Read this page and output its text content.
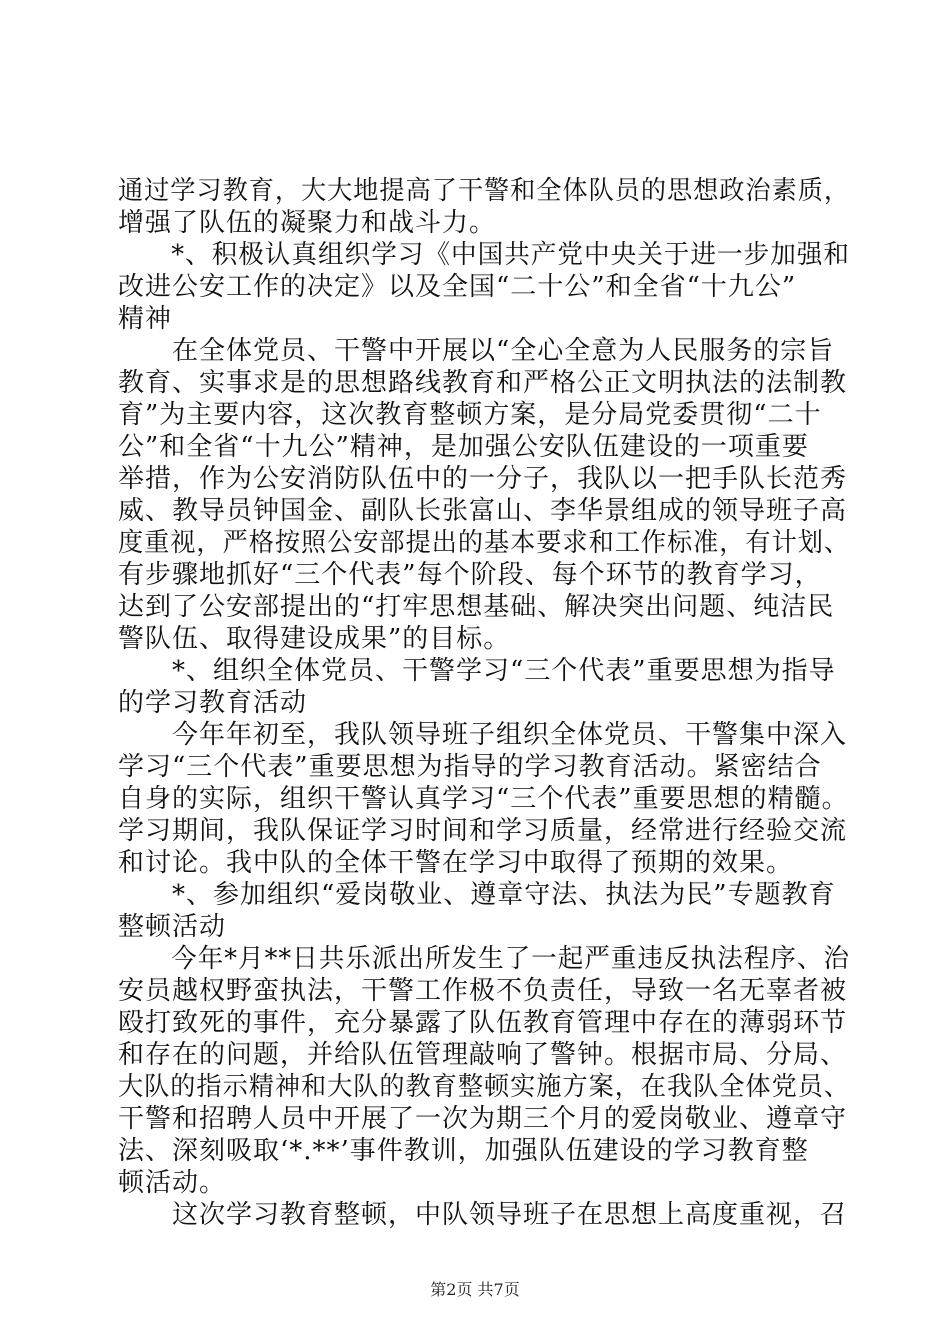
通过学习教育，大大地提高了干警和全体队员的思想政治素质，
增强了队伍的凝聚力和战斗力。
　　*、积极认真组织学习《中国共产党中央关于进一步加强和
改进公安工作的决定》以及全国“二十公”和全省“十九公”
精神
　　在全体党员、干警中开展以“全心全意为人民服务的宗旨
教育、实事求是的思想路线教育和严格公正文明执法的法制教
育”为主要内容，这次教育整顿方案，是分局党委贯彻“二十
公”和全省“十九公”精神，是加强公安队伍建设的一项重要
举措，作为公安消防队伍中的一分子，我队以一把手队长范秀
威、教导员钟国金、副队长张富山、李华景组成的领导班子高
度重视，严格按照公安部提出的基本要求和工作标准，有计划、
有步骤地抓好“三个代表”每个阶段、每个环节的教育学习，
达到了公安部提出的“打牢思想基础、解决突出问题、纯洁民
警队伍、取得建设成果”的目标。
　　*、组织全体党员、干警学习“三个代表”重要思想为指导
的学习教育活动
　　今年年初至，我队领导班子组织全体党员、干警集中深入
学习“三个代表”重要思想为指导的学习教育活动。紧密结合
自身的实际，组织干警认真学习“三个代表”重要思想的精髓。
学习期间，我队保证学习时间和学习质量，经常进行经验交流
和讨论。我中队的全体干警在学习中取得了预期的效果。
　　*、参加组织“爱岗敬业、遵章守法、执法为民”专题教育
整顿活动
　　今年*月**日共乐派出所发生了一起严重违反执法程序、治
安员越权野蛮执法，干警工作极不负责任，导致一名无辜者被
殴打致死的事件，充分暴露了队伍教育管理中存在的薄弱环节
和存在的问题，并给队伍管理敲响了警钟。根据市局、分局、
大队的指示精神和大队的教育整顿实施方案，在我队全体党员、
干警和招聘人员中开展了一次为期三个月的爱岗敬业、遵章守
法、深刻吸取‘*.**’事件教训，加强队伍建设的学习教育整
顿活动。
　　这次学习教育整顿，中队领导班子在思想上高度重视，召
第2页 共7页
